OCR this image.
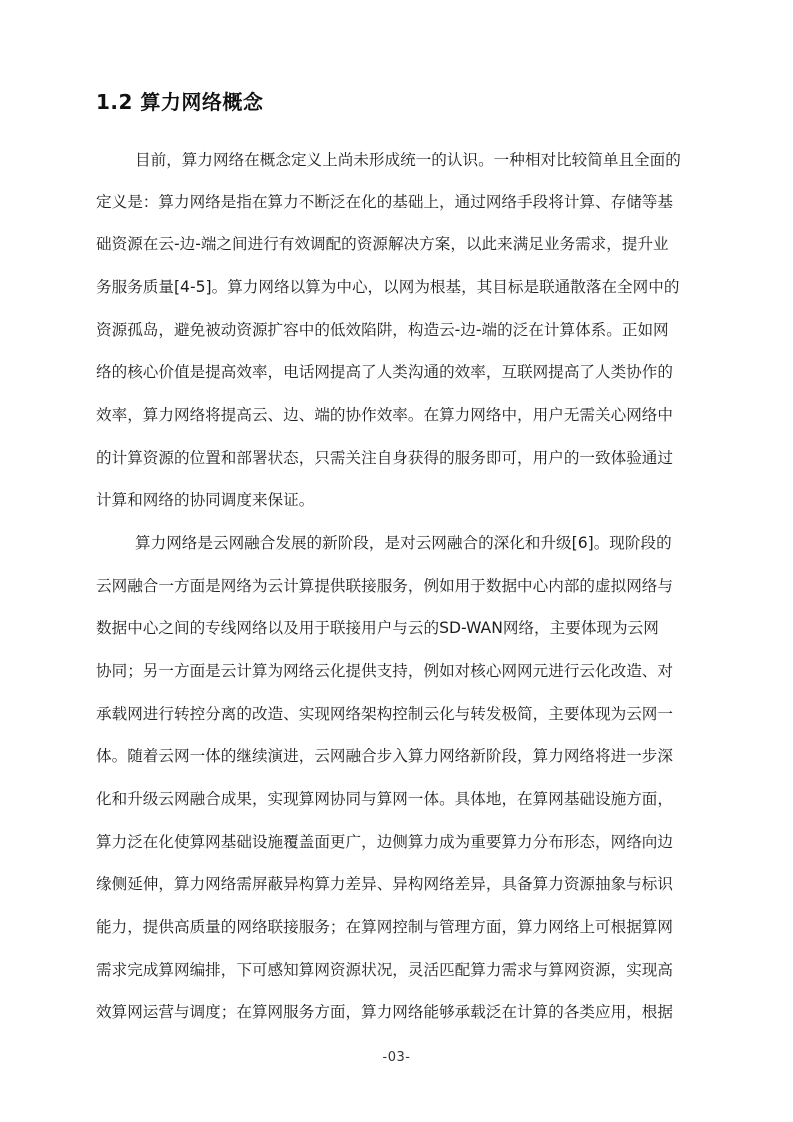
1.2 算力网络概念

目前，算力网络在概念定义上尚未形成统一的认识。一种相对比较简单且全面的

定义是：算力网络是指在算力不断泛在化的基础上，通过网络手段将计算、存储等基

础资源在云-边-端之间进行有效调配的资源解决方案，以此来满足业务需求，提升业

务服务质量[4-5]。算力网络以算为中心，以网为根基，其目标是联通散落在全网中的

资源孤岛，避免被动资源扩容中的低效陷阱，构造云-边-端的泛在计算体系。正如网

络的核心价值是提高效率，电话网提高了人类沟通的效率，互联网提高了人类协作的

效率，算力网络将提高云、边、端的协作效率。在算力网络中，用户无需关心网络中

的计算资源的位置和部署状态，只需关注自身获得的服务即可，用户的一致体验通过

计算和网络的协同调度来保证。

算力网络是云网融合发展的新阶段，是对云网融合的深化和升级[6]。现阶段的

云网融合一方面是网络为云计算提供联接服务，例如用于数据中心内部的虚拟网络与

数据中心之间的专线网络以及用于联接用户与云的SD-WAN网络，主要体现为云网

协同；另一方面是云计算为网络云化提供支持，例如对核心网网元进行云化改造、对

承载网进行转控分离的改造、实现网络架构控制云化与转发极简，主要体现为云网一

体。随着云网一体的继续演进，云网融合步入算力网络新阶段，算力网络将进一步深

化和升级云网融合成果，实现算网协同与算网一体。具体地，在算网基础设施方面，

算力泛在化使算网基础设施覆盖面更广，边侧算力成为重要算力分布形态，网络向边

缘侧延伸，算力网络需屏蔽异构算力差异、异构网络差异，具备算力资源抽象与标识

能力，提供高质量的网络联接服务；在算网控制与管理方面，算力网络上可根据算网

需求完成算网编排，下可感知算网资源状况，灵活匹配算力需求与算网资源，实现高

效算网运营与调度；在算网服务方面，算力网络能够承载泛在计算的各类应用，根据

-03-
